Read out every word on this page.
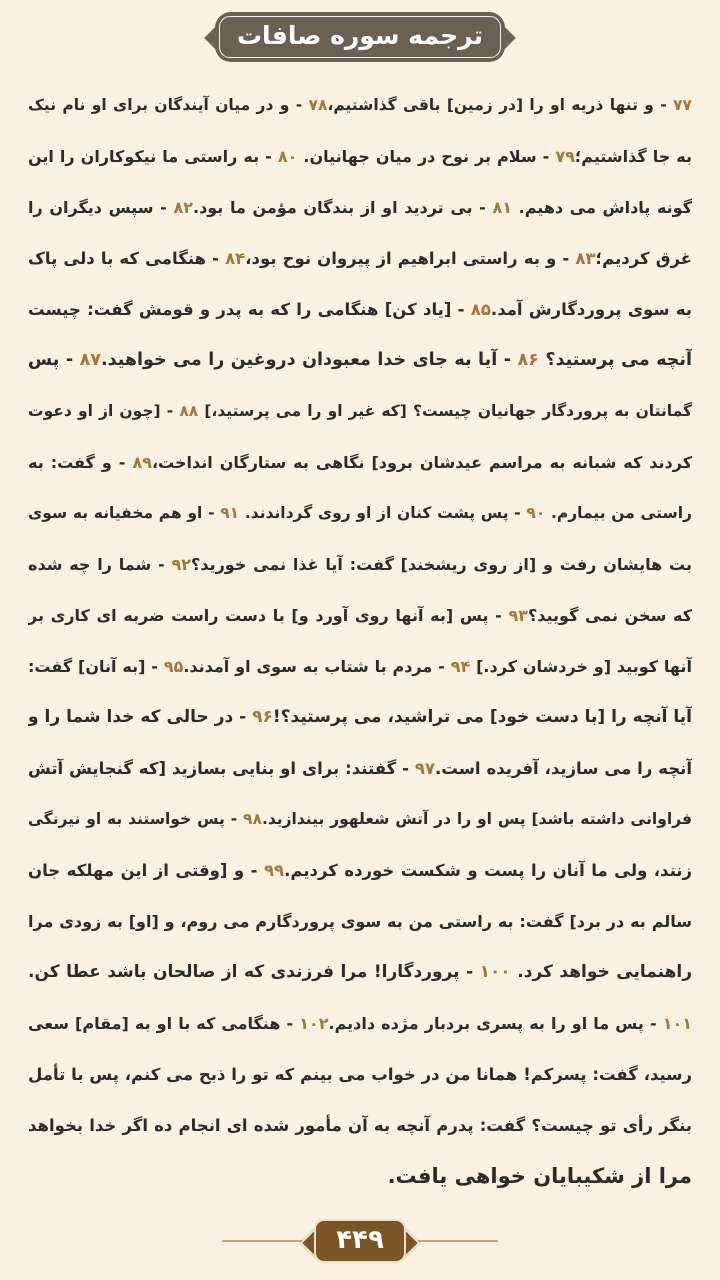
ترجمه سوره صافات
۷۷ - و تنها ذریه او را [در زمین] باقی گذاشتیم،۷۸ - و در میان آیندگان برای او نام نیک
به جا گذاشتیم؛۷۹ - سلام بر نوح در میان جهانیان. ۸۰ - به راستی ما نیکوکاران را این
گونه پاداش می دهیم. ۸۱ - بی تردید او از بندگان مؤمن ما بود.۸۲ - سپس دیگران را
غرق کردیم؛۸۳ - و به راستی ابراهیم از پیروان نوح بود،۸۴ - هنگامی که با دلی پاک
به سوی پروردگارش آمد.۸۵ - [یاد کن] هنگامی را که به پدر و قومش گفت: چیست
آنچه می پرستید؟ ۸۶ - آیا به جای خدا معبودان دروغین را می خواهید.۸۷ - پس
گمانتان به پروردگار جهانیان چیست؟ [که غیر او را می پرستید،] ۸۸ - [چون از او دعوت
کردند که شبانه به مراسم عیدشان برود] نگاهی به ستارگان انداخت،۸۹ - و گفت: به
راستی من بیمارم. ۹۰ - پس پشت کنان از او روی گرداندند. ۹۱ - او هم مخفیانه به سوی
بت هایشان رفت و [از روی ریشخند] گفت: آیا غذا نمی خورید؟۹۲ - شما را چه شده
که سخن نمی گویید؟۹۳ - پس [به آنها روی آورد و] با دست راست ضربه ای کاری بر
آنها کوبید [و خردشان کرد.] ۹۴ - مردم با شتاب به سوی او آمدند.۹۵ - [به آنان] گفت:
آیا آنچه را [با دست خود] می تراشید، می پرستید؟!۹۶ - در حالی که خدا شما را و
آنچه را می سازید، آفریده است.۹۷ - گفتند: برای او بنایی بسازید [که گنجایش آتش
فراوانی داشته باشد] پس او را در آتش شعلهور بیندازید.۹۸ - پس خواستند به او نیرنگی
زنند، ولی ما آنان را پست و شکست خورده کردیم.۹۹ - و [وقتی از این مهلکه جان
سالم به در برد] گفت: به راستی من به سوی پروردگارم می روم، و [او] به زودی مرا
راهنمایی خواهد کرد. ۱۰۰ - پروردگارا! مرا فرزندی که از صالحان باشد عطا کن.
۱۰۱ - پس ما او را به پسری بردبار مژده دادیم.۱۰۲ - هنگامی که با او به [مقام] سعی
رسید، گفت: پسرکم! همانا من در خواب می بینم که تو را ذبح می کنم، پس با تأمل
بنگر رأی تو چیست؟ گفت: پدرم آنچه به آن مأمور شده ای انجام ده اگر خدا بخواهد
مرا از شکیبایان خواهی یافت.
۴۴۹
